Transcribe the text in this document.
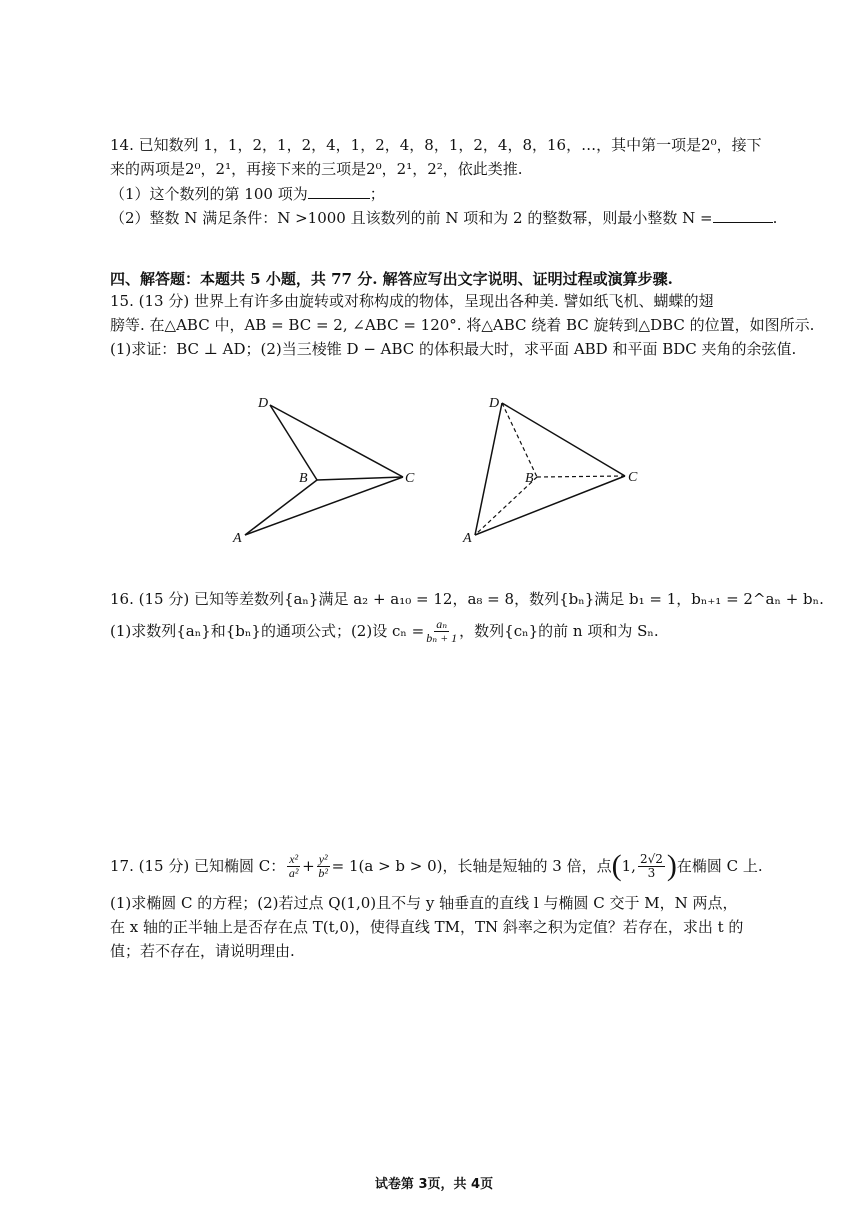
14. 已知数列 1，1，2，1，2，4，1，2，4，8，1，2，4，8，16，…，其中第一项是2⁰，接下
来的两项是2⁰，2¹，再接下来的三项是2⁰，2¹，2²，依此类推.
（1）这个数列的第 100 项为	；
（2）整数 N 满足条件：N >1000 且该数列的前 N 项和为 2 的整数幂，则最小整数 N =	.
四、解答题：本题共 5 小题，共 77 分. 解答应写出文字说明、证明过程或演算步骤.
15. (13 分) 世界上有许多由旋转或对称构成的物体，呈现出各种美. 譬如纸飞机、蝴蝶的翅
膀等. 在△ABC 中，AB = BC = 2, ∠ABC = 120°. 将△ABC 绕着 BC 旋转到△DBC 的位置，如图所示.
(1)求证：BC ⊥ AD；(2)当三棱锥 D − ABC 的体积最大时，求平面 ABD 和平面 BDC 夹角的余弦值.
D
B	C
A
D
B	C
A
16. (15 分) 已知等差数列{aₙ}满足 a₂ + a₁₀ = 12，a₈ = 8，数列{bₙ}满足 b₁ = 1，bₙ₊₁ = 2^aₙ + bₙ.
(1)求数列{aₙ}和{bₙ}的通项公式；(2)设 $c_n = \frac{\text{aₙ}}{\text{bₙ + 1}}$ ，数列{cₙ}的前 n 项和为 Sₙ.
17. (15 分) 已知椭圆 C： $\frac{\text{x²}}{\text{a²}} + \frac{\text{y²}}{\text{b²}} = 1(a > b > 0)$，长轴是短轴的 3 倍，点 ( 1, $\frac{2√2}{3}$ ) 在椭圆 C 上.
(1)求椭圆 C 的方程；(2)若过点 Q(1,0)且不与 y 轴垂直的直线 l 与椭圆 C 交于 M，N 两点，
在 x 轴的正半轴上是否存在点 T(t,0)，使得直线 TM，TN 斜率之积为定值？若存在，求出 t 的
值；若不存在，请说明理由.
试卷第 3页，共 4页
